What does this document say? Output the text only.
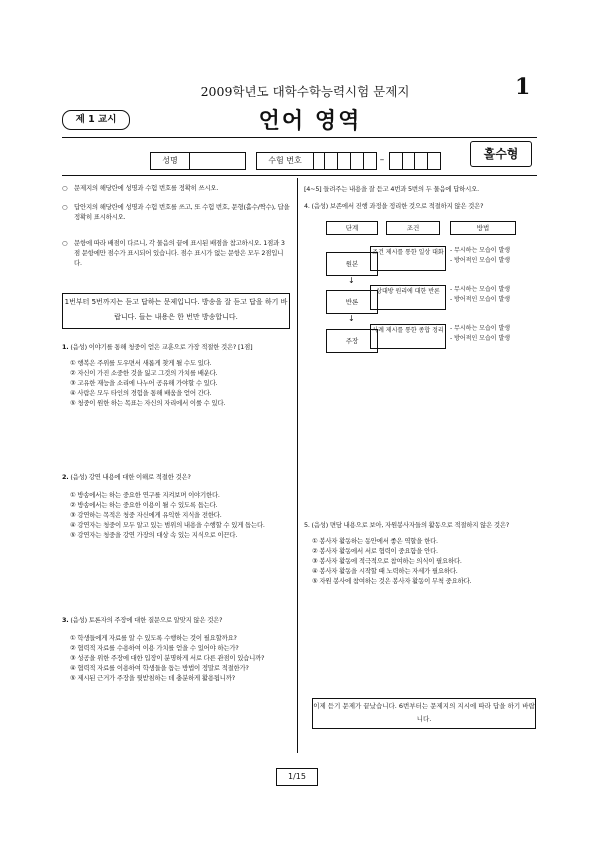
2009학년도 대학수학능력시험 문제지	1
제 1 교시	언어 영역
성명	수험 번호	–	홀수형
○ 문제지의 해당란에 성명과 수험 번호를 정확히 쓰시오.
○ 답안지의 해당란에 성명과 수험 번호를 쓰고, 또 수험 번호, 문형(홀수/짝수), 답을 정확히 표시하시오.
○ 문항에 따라 배점이 다르니, 각 물음의 끝에 표시된 배점을 참고하시오. 1점과 3점 문항에만 점수가 표시되어 있습니다. 점수 표시가 없는 문항은 모두 2점입니다.
1번부터 5번까지는 듣고 답하는 문제입니다. 방송을 잘 듣고 답을 하기 바랍니다. 들는 내용은 한 번만 방송합니다.
1. (음성) 이야기를 통해 청중이 얻은 교훈으로 가장 적절한 것은? [1점]
① 행복은 주위를 도우면서 새롭게 찾게 될 수도 있다.
② 자신이 가진 소중한 것을 잃고 그것의 가치를 배운다.
③ 고유한 재능을 소리에 나누어 공유해 가야할 수 있다.
④ 사람은 모두 타인의 경험을 통해 배움을 얻어 간다.
⑤ 청중이 원한 하는 목표는 자신의 자리에서 이룰 수 있다.
2. (음성) 강연 내용에 대한 이해로 적절한 것은?
① 방송에서는 하는 중요한 연구를 지켜보며 이야기한다.
② 방송에서는 하는 중요한 이용이 될 수 있도록 돕는다.
③ 강연하는 목적은 청중 자신에게 유익한 지식을 전한다.
④ 강연자는 청중이 모두 알고 있는 범위의 내용을 수행할 수 있게 돕는다.
⑤ 강연자는 청중을 강연 가장의 대상 속 있는 지식으로 이끈다.
3. (음성) 토론자의 주장에 대한 질문으로 알맞지 않은 것은?
① 학생들에게 자료를 알 수 있도록 수행하는 것이 필요할까요?
② 협력적 자료를 수용하여 이용 가치를 얻을 수 있어야 하는가?
③ 성공을 위한 주장에 대한 입장이 분명하게 서로 다른 관점이 있습니까?
④ 협력적 자료를 이용하여 학생들을 돕는 방법이 정말로 적절한가?
⑤ 제시된 근거가 주장을 뒷받침하는 데 충분하게 활용됩니까?
[4~5] 들려주는 내용을 잘 듣고 4번과 5번의 두 물음에 답하시오.
4. (음성) 보존에서 진행 과정을 정리한 것으로 적절하지 않은 것은?
단계	조건	방법
원본
조건 제시를 통한 일상 대화	- 무시하는 모습이 발생
- 방어적인 모습이 발생
↓
반론
상대방 원리에 대한 반론	- 무시하는 모습이 발생
- 방어적인 모습이 발생
↓
주장
사례 제시를 통한 종합 정리	- 무시하는 모습이 발생
- 방어적인 모습이 발생
5. (음성) 면담 내용으로 보아, 자원봉사자들의 활동으로 적절하지 않은 것은?
① 봉사자 활동하는 동안에서 좋은 역할을 한다.
② 봉사자 활동에서 서로 협력이 중요함을 안다.
③ 봉사자 활동에 적극적으로 참여하는 의식이 필요하다.
④ 봉사자 활동을 시작할 때 노력하는 자세가 필요하다.
⑤ 자원 봉사에 참여하는 것은 봉사자 활동이 무척 중요하다.
이제 듣기 문제가 끝났습니다. 6번부터는 문제지의 지시에 따라 답을 하기 바랍니다.
1/15
